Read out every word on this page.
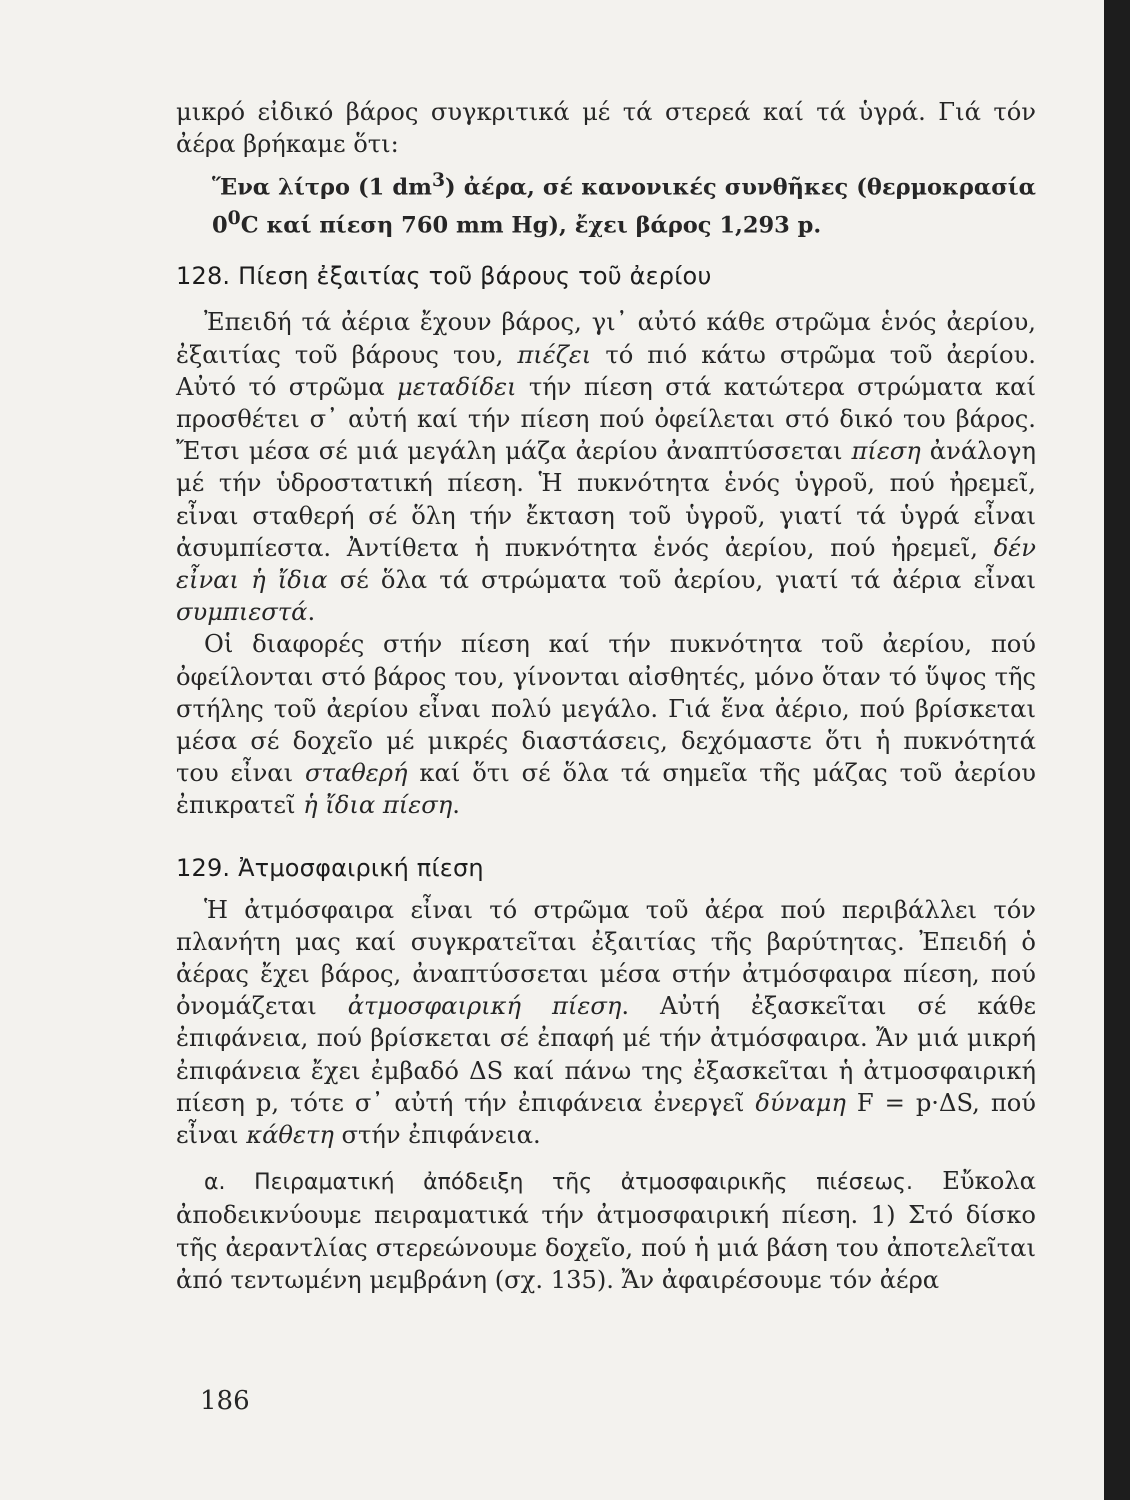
μικρό εἰδικό βάρος συγκριτικά μέ τά στερεά καί τά ὑγρά. Γιά τόν ἀέρα βρήκαμε ὅτι:

Ἕνα λίτρο (1 $dm^3$) ἀέρα, σέ κανονικές συνθῆκες (θερμοκρασία $0^0C$ καί πίεση 760 mm Hg), ἔχει βάρος 1,293 p.

128. Πίεση ἐξαιτίας τοῦ βάρους τοῦ ἀερίου

Ἐπειδή τά ἀέρια ἔχουν βάρος, γι᾽ αὐτό κάθε στρῶμα ἑνός ἀερίου, ἐξαιτίας τοῦ βάρους του, πιέζει τό πιό κάτω στρῶμα τοῦ ἀερίου. Αὐτό τό στρῶμα μεταδίδει τήν πίεση στά κατώτερα στρώματα καί προσθέτει σ᾽ αὐτή καί τήν πίεση πού ὀφείλεται στό δικό του βάρος. Ἔτσι μέσα σέ μιά μεγάλη μάζα ἀερίου ἀναπτύσσεται πίεση ἀνάλογη μέ τήν ὑδροστατική πίεση. Ἡ πυκνότητα ἑνός ὑγροῦ, πού ἠρεμεῖ, εἶναι σταθερή σέ ὅλη τήν ἔκταση τοῦ ὑγροῦ, γιατί τά ὑγρά εἶναι ἀσυμπίεστα. Ἀντίθετα ἡ πυκνότητα ἑνός ἀερίου, πού ἠρεμεῖ, δέν εἶναι ἡ ἴδια σέ ὅλα τά στρώματα τοῦ ἀερίου, γιατί τά ἀέρια εἶναι συμπιεστά.

Οἱ διαφορές στήν πίεση καί τήν πυκνότητα τοῦ ἀερίου, πού ὀφείλονται στό βάρος του, γίνονται αἰσθητές, μόνο ὅταν τό ὕψος τῆς στήλης τοῦ ἀερίου εἶναι πολύ μεγάλο. Γιά ἕνα ἀέριο, πού βρίσκεται μέσα σέ δοχεῖο μέ μικρές διαστάσεις, δεχόμαστε ὅτι ἡ πυκνότητά του εἶναι σταθερή καί ὅτι σέ ὅλα τά σημεῖα τῆς μάζας τοῦ ἀερίου ἐπικρατεῖ ἡ ἴδια πίεση.

129. Ἀτμοσφαιρική πίεση

Ἡ ἀτμόσφαιρα εἶναι τό στρῶμα τοῦ ἀέρα πού περιβάλλει τόν πλανήτη μας καί συγκρατεῖται ἐξαιτίας τῆς βαρύτητας. Ἐπειδή ὁ ἀέρας ἔχει βάρος, ἀναπτύσσεται μέσα στήν ἀτμόσφαιρα πίεση, πού ὀνομάζεται ἀτμοσφαιρική πίεση. Αὐτή ἐξασκεῖται σέ κάθε ἐπιφάνεια, πού βρίσκεται σέ ἐπαφή μέ τήν ἀτμόσφαιρα. Ἄν μιά μικρή ἐπιφάνεια ἔχει ἐμβαδό ΔS καί πάνω της ἐξασκεῖται ἡ ἀτμοσφαιρική πίεση p, τότε σ᾽ αὐτή τήν ἐπιφάνεια ἐνεργεῖ δύναμη F = p·ΔS, πού εἶναι κάθετη στήν ἐπιφάνεια.

α. Πειραματική ἀπόδειξη τῆς ἀτμοσφαιρικῆς πιέσεως. Εὔκολα ἀποδεικνύουμε πειραματικά τήν ἀτμοσφαιρική πίεση. 1) Στό δίσκο τῆς ἀεραντλίας στερεώνουμε δοχεῖο, πού ἡ μιά βάση του ἀποτελεῖται ἀπό τεντωμένη μεμβράνη (σχ. 135). Ἄν ἀφαιρέσουμε τόν ἀέρα

186
